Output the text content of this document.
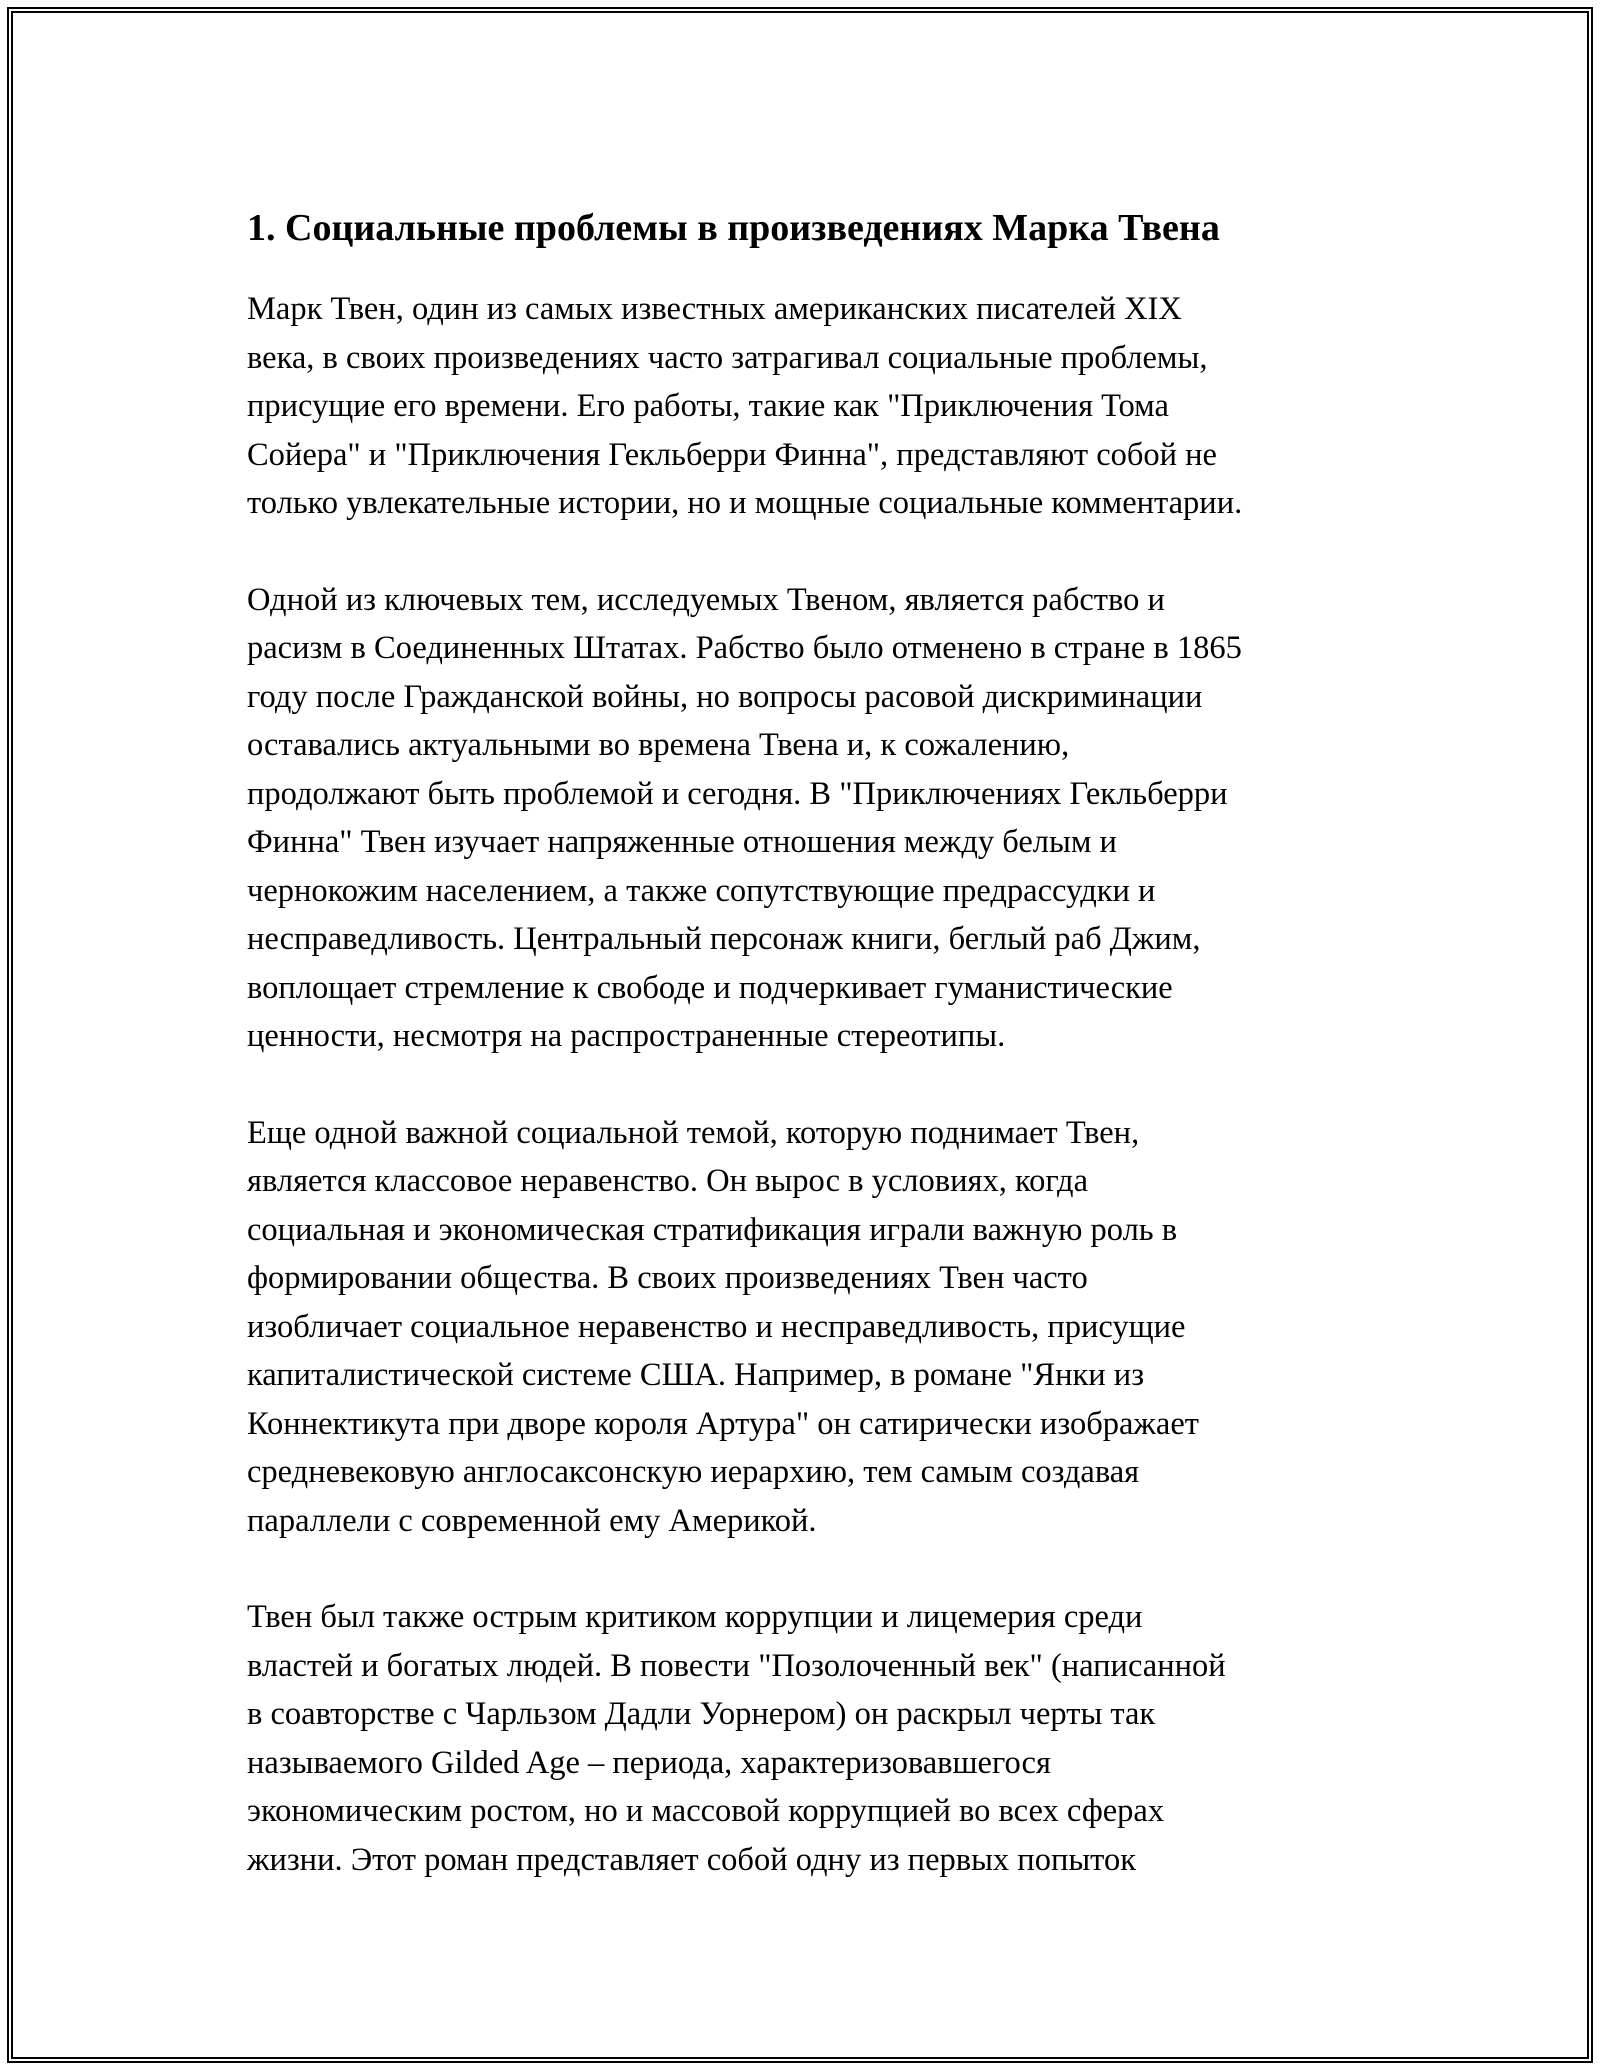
1. Социальные проблемы в произведениях Марка Твена

Марк Твен, один из самых известных американских писателей XIX
века, в своих произведениях часто затрагивал социальные проблемы,
присущие его времени. Его работы, такие как "Приключения Тома
Сойера" и "Приключения Гекльберри Финна", представляют собой не
только увлекательные истории, но и мощные социальные комментарии.

Одной из ключевых тем, исследуемых Твеном, является рабство и
расизм в Соединенных Штатах. Рабство было отменено в стране в 1865
году после Гражданской войны, но вопросы расовой дискриминации
оставались актуальными во времена Твена и, к сожалению,
продолжают быть проблемой и сегодня. В "Приключениях Гекльберри
Финна" Твен изучает напряженные отношения между белым и
чернокожим населением, а также сопутствующие предрассудки и
несправедливость. Центральный персонаж книги, беглый раб Джим,
воплощает стремление к свободе и подчеркивает гуманистические
ценности, несмотря на распространенные стереотипы.

Еще одной важной социальной темой, которую поднимает Твен,
является классовое неравенство. Он вырос в условиях, когда
социальная и экономическая стратификация играли важную роль в
формировании общества. В своих произведениях Твен часто
изобличает социальное неравенство и несправедливость, присущие
капиталистической системе США. Например, в романе "Янки из
Коннектикута при дворе короля Артура" он сатирически изображает
средневековую англосаксонскую иерархию, тем самым создавая
параллели с современной ему Америкой.

Твен был также острым критиком коррупции и лицемерия среди
властей и богатых людей. В повести "Позолоченный век" (написанной
в соавторстве с Чарльзом Дадли Уорнером) он раскрыл черты так
называемого Gilded Age – периода, характеризовавшегося
экономическим ростом, но и массовой коррупцией во всех сферах
жизни. Этот роман представляет собой одну из первых попыток
